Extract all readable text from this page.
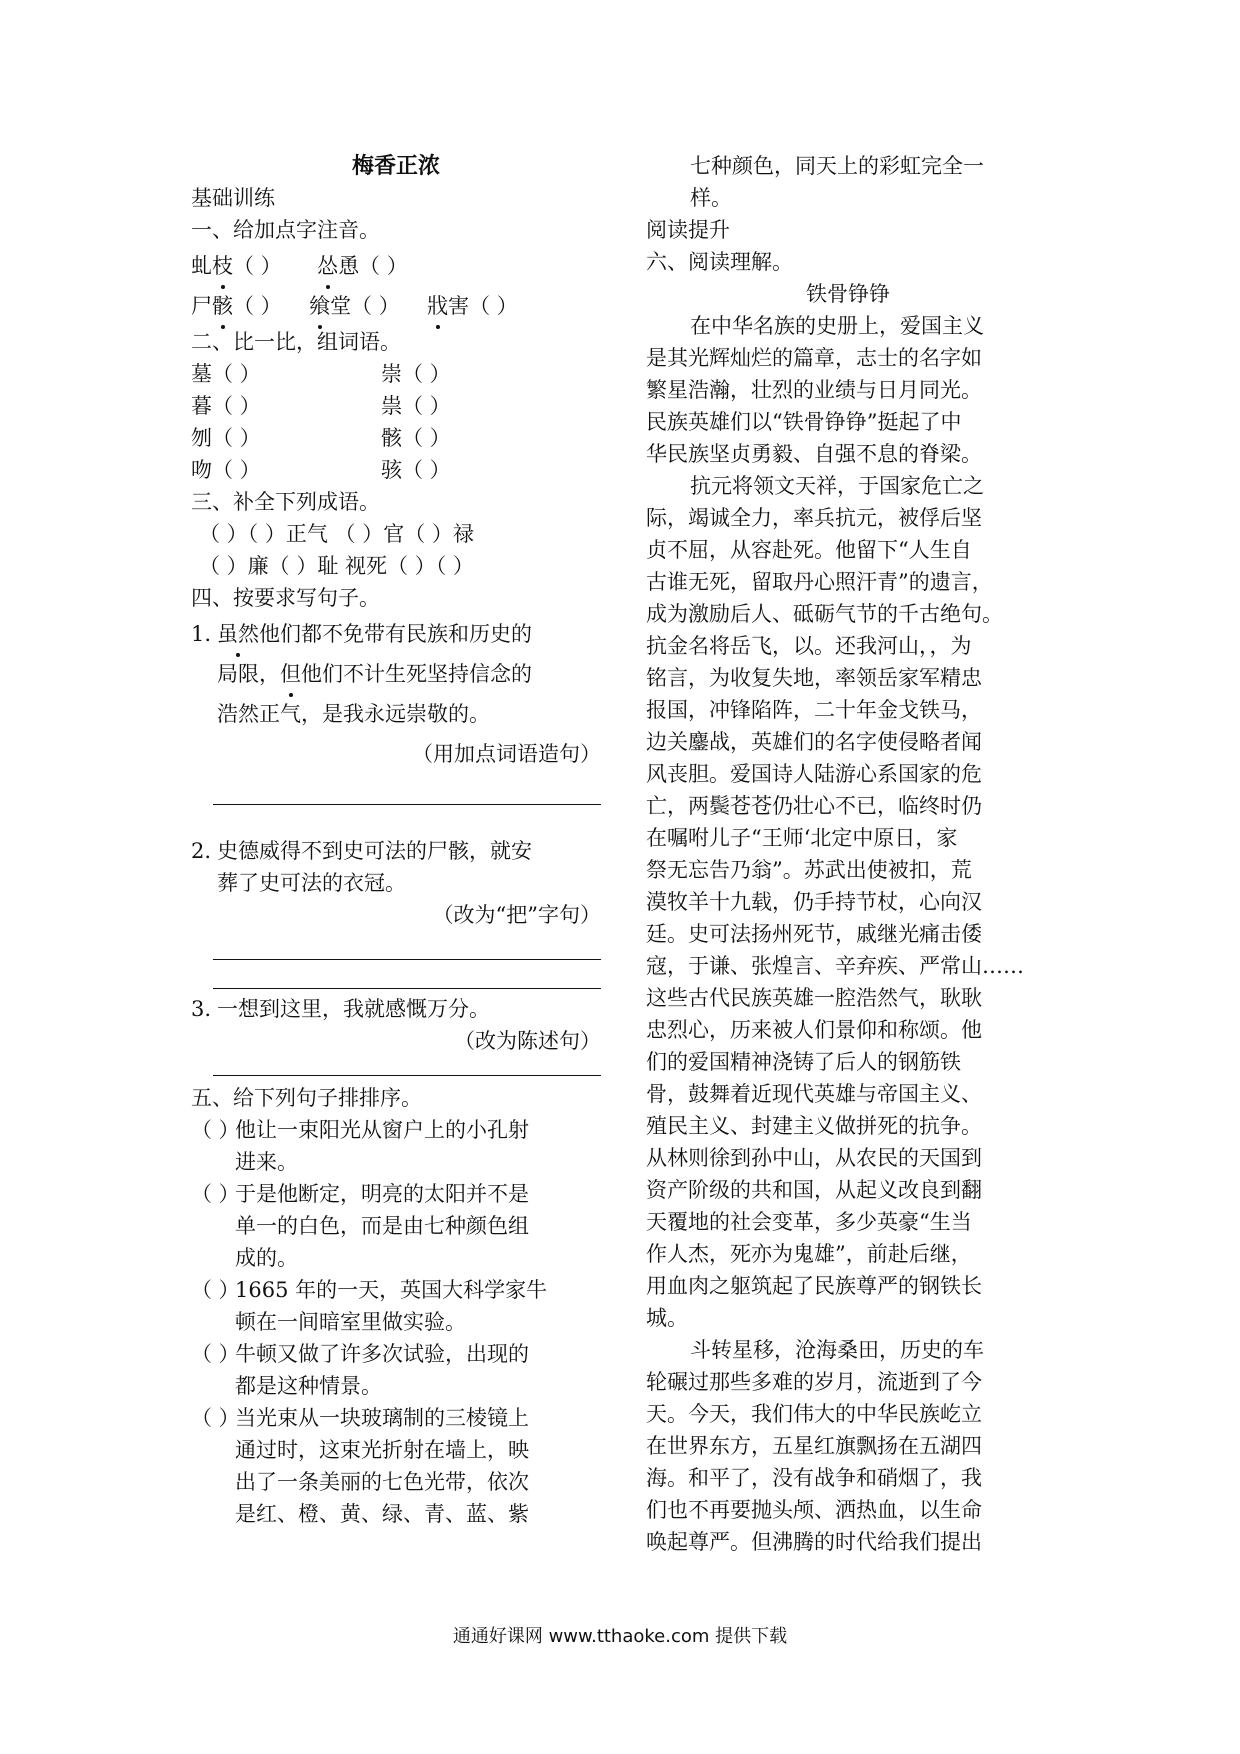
梅香正浓
基础训练
一、给加点字注音。
虬枝（ ） 怂恿（ ）
尸骸（ ） 飨堂（ ） 戕害（ ）
二、比一比，组词语。
墓（ ）	崇（ ）
暮（ ）	祟（ ）
刎（ ）	骸（ ）
吻（ ）	骇（ ）
三、补全下列成语。
（ ）（ ）正气 （ ）官（ ）禄
（ ）廉（ ）耻 视死（ ）（ ）
四、按要求写句子。
1. 虽然他们都不免带有民族和历史的
局限，但他们不计生死坚持信念的
浩然正气，是我永远崇敬的。
（用加点词语造句）
2. 史德威得不到史可法的尸骸，就安
葬了史可法的衣冠。
（改为“把”字句）
3. 一想到这里，我就感慨万分。
（改为陈述句）
五、给下列句子排排序。
（ ）
他让一束阳光从窗户上的小孔射
进来。
（ ）
于是他断定，明亮的太阳并不是
单一的白色，而是由七种颜色组
成的。
（ ）
1665 年的一天，英国大科学家牛
顿在一间暗室里做实验。
（ ）
牛顿又做了许多次试验，出现的
都是这种情景。
（ ）
当光束从一块玻璃制的三棱镜上
通过时，这束光折射在墙上，映
出了一条美丽的七色光带，依次
是红、橙、黄、绿、青、蓝、紫
七种颜色，同天上的彩虹完全一
样。
阅读提升
六、阅读理解。
铁骨铮铮
在中华名族的史册上，爱国主义
是其光辉灿烂的篇章，志士的名字如
繁星浩瀚，壮烈的业绩与日月同光。
民族英雄们以“铁骨铮铮”挺起了中
华民族坚贞勇毅、自强不息的脊梁。
抗元将领文天祥，于国家危亡之
际，竭诚全力，率兵抗元，被俘后坚
贞不屈，从容赴死。他留下“人生自
古谁无死，留取丹心照汗青”的遗言，
成为激励后人、砥砺气节的千古绝句。
抗金名将岳飞，以。还我河山，，为
铭言，为收复失地，率领岳家军精忠
报国，冲锋陷阵，二十年金戈铁马，
边关鏖战，英雄们的名字使侵略者闻
风丧胆。爱国诗人陆游心系国家的危
亡，两鬓苍苍仍壮心不已，临终时仍
在嘱咐儿子“王师‘北定中原日，家
祭无忘告乃翁”。苏武出使被扣，荒
漠牧羊十九载，仍手持节杖，心向汉
廷。史可法扬州死节，戚继光痛击倭
寇，于谦、张煌言、辛弃疾、严常山……
这些古代民族英雄一腔浩然气，耿耿
忠烈心，历来被人们景仰和称颂。他
们的爱国精神浇铸了后人的钢筋铁
骨，鼓舞着近现代英雄与帝国主义、
殖民主义、封建主义做拼死的抗争。
从林则徐到孙中山，从农民的天国到
资产阶级的共和国，从起义改良到翻
天覆地的社会变革，多少英豪“生当
作人杰，死亦为鬼雄”，前赴后继，
用血肉之躯筑起了民族尊严的钢铁长
城。
斗转星移，沧海桑田，历史的车
轮碾过那些多难的岁月，流逝到了今
天。今天，我们伟大的中华民族屹立
在世界东方，五星红旗飘扬在五湖四
海。和平了，没有战争和硝烟了，我
们也不再要抛头颅、洒热血，以生命
唤起尊严。但沸腾的时代给我们提出
通通好课网 www.tthaoke.com 提供下载
